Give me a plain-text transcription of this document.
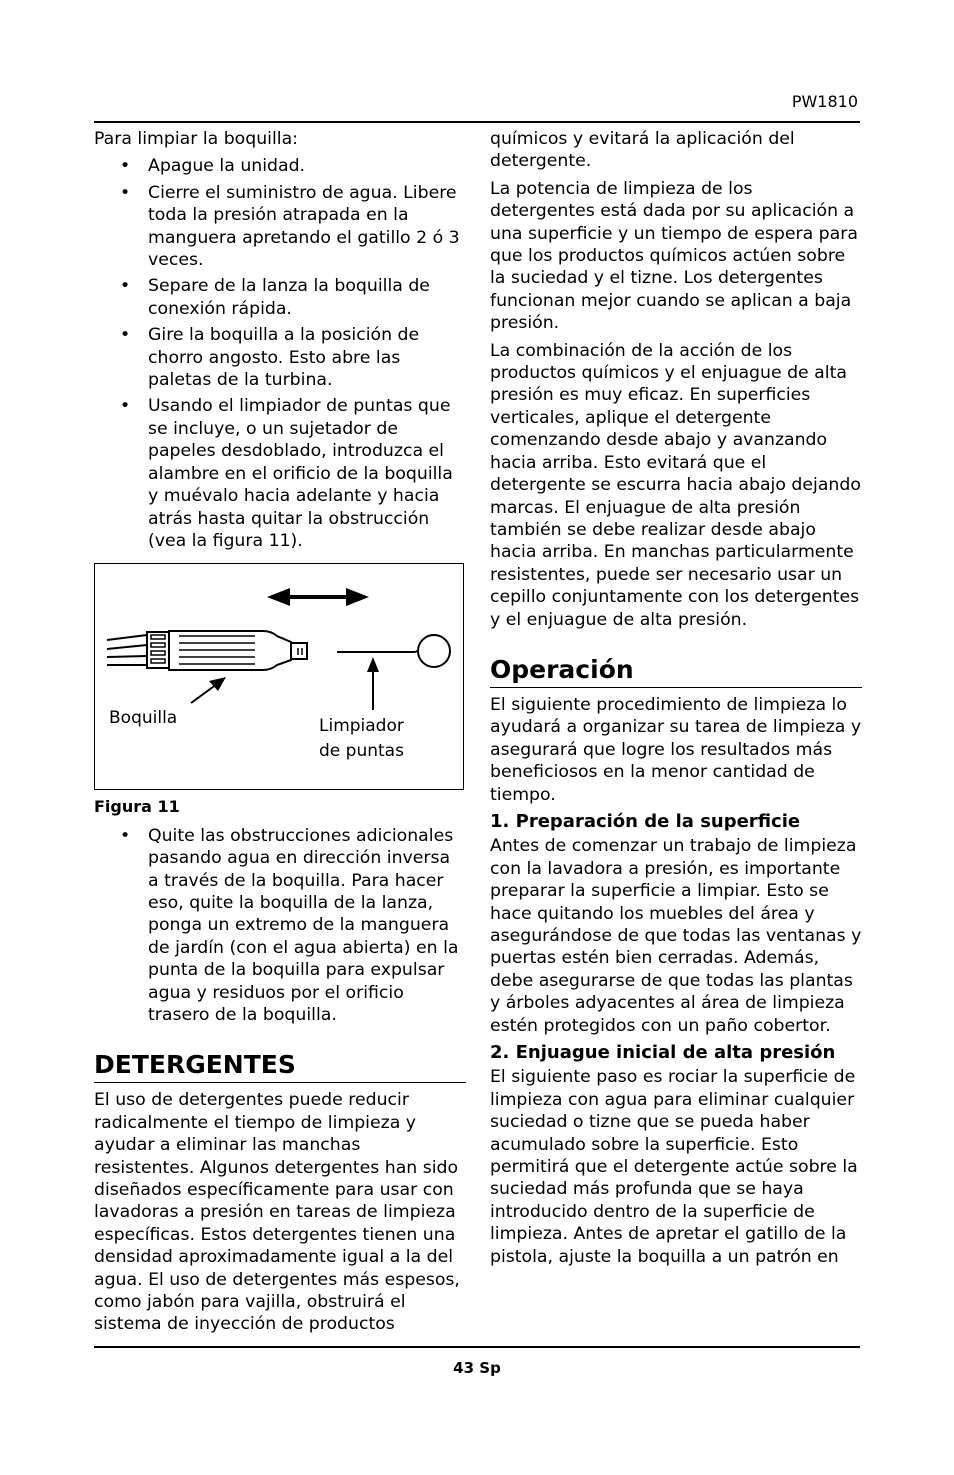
PW1810

Para limpiar la boquilla:

• Apague la unidad.
• Cierre el suministro de agua. Libere toda la presión atrapada en la manguera apretando el gatillo 2 ó 3 veces.
• Separe de la lanza la boquilla de conexión rápida.
• Gire la boquilla a la posición de chorro angosto. Esto abre las paletas de la turbina.
• Usando el limpiador de puntas que se incluye, o un sujetador de papeles desdoblado, introduzca el alambre en el orificio de la boquilla y muévalo hacia adelante y hacia atrás hasta quitar la obstrucción (vea la figura 11).
Boquilla	Limpiador
de puntas
Figura 11
• Quite las obstrucciones adicionales pasando agua en dirección inversa a través de la boquilla. Para hacer eso, quite la boquilla de la lanza, ponga un extremo de la manguera de jardín (con el agua abierta) en la punta de la boquilla para expulsar agua y residuos por el orificio trasero de la boquilla.
DETERGENTES

El uso de detergentes puede reducir radicalmente el tiempo de limpieza y ayudar a eliminar las manchas resistentes. Algunos detergentes han sido diseñados específicamente para usar con lavadoras a presión en tareas de limpieza específicas. Estos detergentes tienen una densidad aproximadamente igual a la del agua. El uso de detergentes más espesos, como jabón para vajilla, obstruirá el sistema de inyección de productos

químicos y evitará la aplicación del detergente.

La potencia de limpieza de los detergentes está dada por su aplicación a una superficie y un tiempo de espera para que los productos químicos actúen sobre la suciedad y el tizne. Los detergentes funcionan mejor cuando se aplican a baja presión.

La combinación de la acción de los productos químicos y el enjuague de alta presión es muy eficaz. En superficies verticales, aplique el detergente comenzando desde abajo y avanzando hacia arriba. Esto evitará que el detergente se escurra hacia abajo dejando marcas. El enjuague de alta presión también se debe realizar desde abajo hacia arriba. En manchas particularmente resistentes, puede ser necesario usar un cepillo conjuntamente con los detergentes y el enjuague de alta presión.

Operación

El siguiente procedimiento de limpieza lo ayudará a organizar su tarea de limpieza y asegurará que logre los resultados más beneficiosos en la menor cantidad de tiempo.

1. Preparación de la superficie

Antes de comenzar un trabajo de limpieza con la lavadora a presión, es importante preparar la superficie a limpiar. Esto se hace quitando los muebles del área y asegurándose de que todas las ventanas y puertas estén bien cerradas. Además, debe asegurarse de que todas las plantas y árboles adyacentes al área de limpieza estén protegidos con un paño cobertor.

2. Enjuague inicial de alta presión

El siguiente paso es rociar la superficie de limpieza con agua para eliminar cualquier suciedad o tizne que se pueda haber acumulado sobre la superficie. Esto permitirá que el detergente actúe sobre la suciedad más profunda que se haya introducido dentro de la superficie de limpieza. Antes de apretar el gatillo de la pistola, ajuste la boquilla a un patrón en

43 Sp
